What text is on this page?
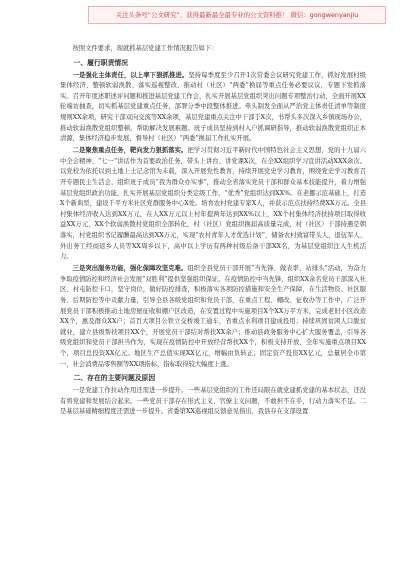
关注头条号“公文研究”，获得最新最全最专业的公文资料推！ 微信：gongwenyanjiu

按照文件要求，现就抓基层党建工作情况报告如下：

一、履行职责情况

一是强化主体责任，以上率下狠抓推进。坚持每季度至少召开1次常委会议研究党建工作，抓好发展村级集体经济、整顿软弱涣散、落实巡视整改、推动村（社区）“两委”换届等重点任务必要议议，专题下发抓落实。召开年度述职述评问题和推进基层党建工作会，扎实开展基层党组织突出问题专项整治行动，全面开展XX轮端访抽查，切实抓基层党建重点任务，部署分季中段整体推进。牵头制发全面从严治党主体责任清单等制度规则XX余项，研究干部双向交流等XX余项，基层党建重点关注中干部于X次，书帮头多次深入乡镇现场办公，推动软弱涣散党组织整顿，帮助解决发展难题。班子成员坚持到村入户抓调研指导，推动软弱涣散党组织正本清源，集体经济稳步发展，督导村（社区）“两委”换届工作扎实开展。

二是聚焦重点任务，靶向发力狠抓落实。把学习贯彻习近平新时代中国特色社会主义思想，党的十九届六中全会精神、“七一”讲话作为首要政治任务，带头上讲台、讲党课X次，在全XX组织学习宣讲活动XXX余次。以党校为依托以到土地上土记念馆为未载，深入开展党性教育，持续开展党史学习教育，围绕党史学习教育召开专题民主生活会，组织班子成员“我为群众办实事”，推动全省落实党员干部和群众基本技能提升，着力增强基层党组织政治功能，扎实开展基层党组织分类定级工作，“优秀”党组织达到XX%。在老挪示范基础上，打造X个新典型，建设千平方米社区党群服务中心X处。培育农村党建专家X人，并获示范点扶持经费XX万元。全县村集体经济收入达到XX万元，在人XX万元以上村年提两年达到XX%以上，XX个村集体经济扶持项目取得收益XX万元，XX个软弱涣散村党组织全部转化，村（社区）党组织换届高质量完成，村（社区）干部持遇是朝落实，村党组织书记履酬最高达到XX万元，实现“农村青年人才优选计划”，储备农村致富带头人，退伍军人、外出务工经商返乡人员等XX周乡以下，高中以上学历有两种村级后备干部XX名，为基层党组织注入生机活力。

三是突出服务功能，强化保障攻坚克难。组织全县党员干部开展“当先锋、做表率、站排头”活动，为奋力争取疫情防控和经济社会发展“双胜利”提供坚强组织保证。在疫情防控中当先锋，组织XX余名党员干部深入社区、村屯防控卡口，坚守岗位，做好防控排查，积极落实各项防控措施和安全生产保障，在生活物资、社区服务、后期防控等中贡献力量，引导全县各级党组织和党员干部，在重点工程、棚改、征收办等工作中，广泛开展党员干部积极推动土地房屋征收和棚户区改造，在安置过程中实施项目X个XX万平方米，完成老旧小区改造XX个，惠及群众XX户；首百大项目公铁立交桥竣工通车，省重点水利项目建成投用；持续巩固贫困人口脱贫就业，建立县级帮扶项目XX个，开展党员干部结对帮扶XX余户；推动县政务服务中心扩大服务覆盖，引导各级党组织和党员干部担当作为，实现在疫情防控中开放经营帮扶XX个，积极支持开放，全年实施重点项目XX个，项目总投资XX亿元。地区生产总值实现XX亿元，增幅由负转正；固定资产投资XX亿元，总量居全市第一，社会消费品零售额等XX项指标，指标取得较大幅度上涨。

二、存在的主要问题及原因

一是党建工作拉动作用还需进一步提升。一些基层党组织的工作还局限在就党建抓党建的基本状态，还没有将党建和发展结合起来。一些党员干部存在形式主义、官僚主义问题，不敢担不在乎，行动力落实不足。二是基层基础精细程度还需进一步提升。省委第XX巡视组反馈意见指出，我县存在支部设置
